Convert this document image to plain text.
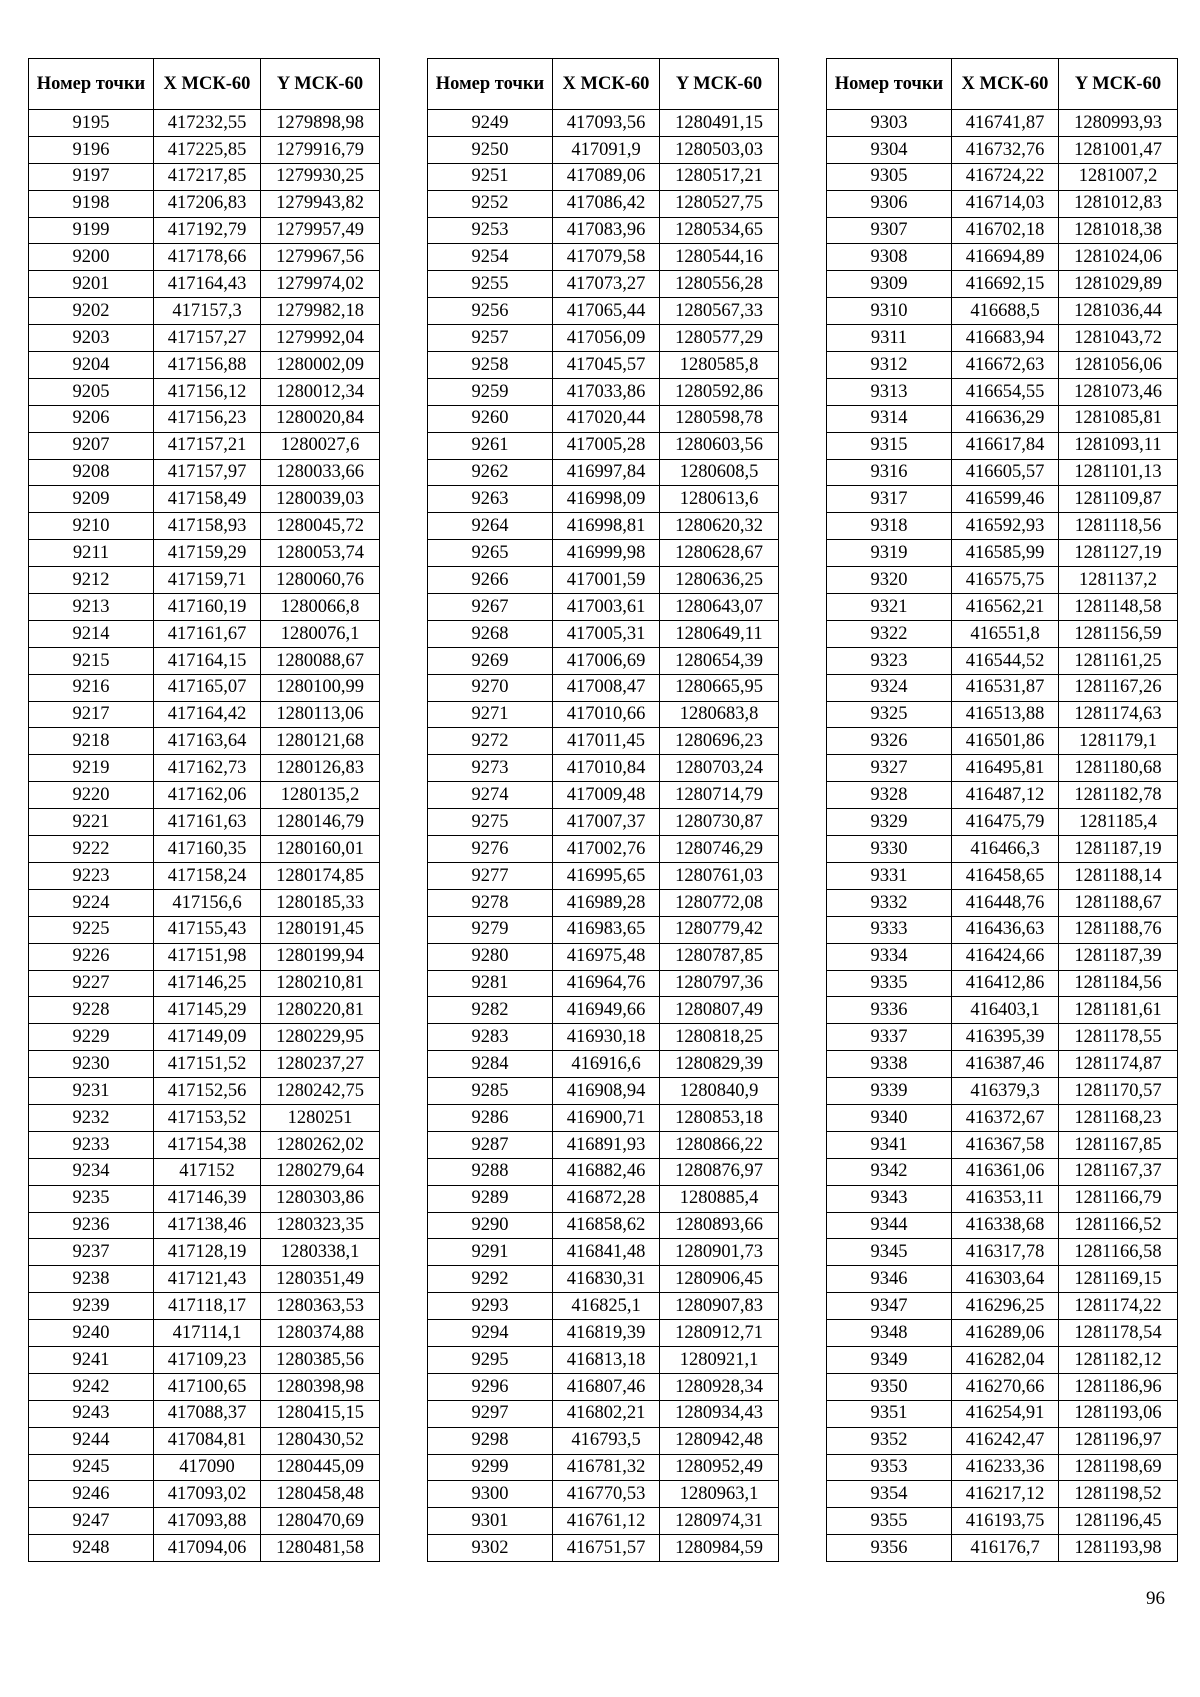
Номер точки	X МСК-60	Y МСК-60
9195	417232,55	1279898,98
9196	417225,85	1279916,79
9197	417217,85	1279930,25
9198	417206,83	1279943,82
9199	417192,79	1279957,49
9200	417178,66	1279967,56
9201	417164,43	1279974,02
9202	417157,3	1279982,18
9203	417157,27	1279992,04
9204	417156,88	1280002,09
9205	417156,12	1280012,34
9206	417156,23	1280020,84
9207	417157,21	1280027,6
9208	417157,97	1280033,66
9209	417158,49	1280039,03
9210	417158,93	1280045,72
9211	417159,29	1280053,74
9212	417159,71	1280060,76
9213	417160,19	1280066,8
9214	417161,67	1280076,1
9215	417164,15	1280088,67
9216	417165,07	1280100,99
9217	417164,42	1280113,06
9218	417163,64	1280121,68
9219	417162,73	1280126,83
9220	417162,06	1280135,2
9221	417161,63	1280146,79
9222	417160,35	1280160,01
9223	417158,24	1280174,85
9224	417156,6	1280185,33
9225	417155,43	1280191,45
9226	417151,98	1280199,94
9227	417146,25	1280210,81
9228	417145,29	1280220,81
9229	417149,09	1280229,95
9230	417151,52	1280237,27
9231	417152,56	1280242,75
9232	417153,52	1280251
9233	417154,38	1280262,02
9234	417152	1280279,64
9235	417146,39	1280303,86
9236	417138,46	1280323,35
9237	417128,19	1280338,1
9238	417121,43	1280351,49
9239	417118,17	1280363,53
9240	417114,1	1280374,88
9241	417109,23	1280385,56
9242	417100,65	1280398,98
9243	417088,37	1280415,15
9244	417084,81	1280430,52
9245	417090	1280445,09
9246	417093,02	1280458,48
9247	417093,88	1280470,69
9248	417094,06	1280481,58
Номер точки	X МСК-60	Y МСК-60
9249	417093,56	1280491,15
9250	417091,9	1280503,03
9251	417089,06	1280517,21
9252	417086,42	1280527,75
9253	417083,96	1280534,65
9254	417079,58	1280544,16
9255	417073,27	1280556,28
9256	417065,44	1280567,33
9257	417056,09	1280577,29
9258	417045,57	1280585,8
9259	417033,86	1280592,86
9260	417020,44	1280598,78
9261	417005,28	1280603,56
9262	416997,84	1280608,5
9263	416998,09	1280613,6
9264	416998,81	1280620,32
9265	416999,98	1280628,67
9266	417001,59	1280636,25
9267	417003,61	1280643,07
9268	417005,31	1280649,11
9269	417006,69	1280654,39
9270	417008,47	1280665,95
9271	417010,66	1280683,8
9272	417011,45	1280696,23
9273	417010,84	1280703,24
9274	417009,48	1280714,79
9275	417007,37	1280730,87
9276	417002,76	1280746,29
9277	416995,65	1280761,03
9278	416989,28	1280772,08
9279	416983,65	1280779,42
9280	416975,48	1280787,85
9281	416964,76	1280797,36
9282	416949,66	1280807,49
9283	416930,18	1280818,25
9284	416916,6	1280829,39
9285	416908,94	1280840,9
9286	416900,71	1280853,18
9287	416891,93	1280866,22
9288	416882,46	1280876,97
9289	416872,28	1280885,4
9290	416858,62	1280893,66
9291	416841,48	1280901,73
9292	416830,31	1280906,45
9293	416825,1	1280907,83
9294	416819,39	1280912,71
9295	416813,18	1280921,1
9296	416807,46	1280928,34
9297	416802,21	1280934,43
9298	416793,5	1280942,48
9299	416781,32	1280952,49
9300	416770,53	1280963,1
9301	416761,12	1280974,31
9302	416751,57	1280984,59
Номер точки	X МСК-60	Y МСК-60
9303	416741,87	1280993,93
9304	416732,76	1281001,47
9305	416724,22	1281007,2
9306	416714,03	1281012,83
9307	416702,18	1281018,38
9308	416694,89	1281024,06
9309	416692,15	1281029,89
9310	416688,5	1281036,44
9311	416683,94	1281043,72
9312	416672,63	1281056,06
9313	416654,55	1281073,46
9314	416636,29	1281085,81
9315	416617,84	1281093,11
9316	416605,57	1281101,13
9317	416599,46	1281109,87
9318	416592,93	1281118,56
9319	416585,99	1281127,19
9320	416575,75	1281137,2
9321	416562,21	1281148,58
9322	416551,8	1281156,59
9323	416544,52	1281161,25
9324	416531,87	1281167,26
9325	416513,88	1281174,63
9326	416501,86	1281179,1
9327	416495,81	1281180,68
9328	416487,12	1281182,78
9329	416475,79	1281185,4
9330	416466,3	1281187,19
9331	416458,65	1281188,14
9332	416448,76	1281188,67
9333	416436,63	1281188,76
9334	416424,66	1281187,39
9335	416412,86	1281184,56
9336	416403,1	1281181,61
9337	416395,39	1281178,55
9338	416387,46	1281174,87
9339	416379,3	1281170,57
9340	416372,67	1281168,23
9341	416367,58	1281167,85
9342	416361,06	1281167,37
9343	416353,11	1281166,79
9344	416338,68	1281166,52
9345	416317,78	1281166,58
9346	416303,64	1281169,15
9347	416296,25	1281174,22
9348	416289,06	1281178,54
9349	416282,04	1281182,12
9350	416270,66	1281186,96
9351	416254,91	1281193,06
9352	416242,47	1281196,97
9353	416233,36	1281198,69
9354	416217,12	1281198,52
9355	416193,75	1281196,45
9356	416176,7	1281193,98
96
